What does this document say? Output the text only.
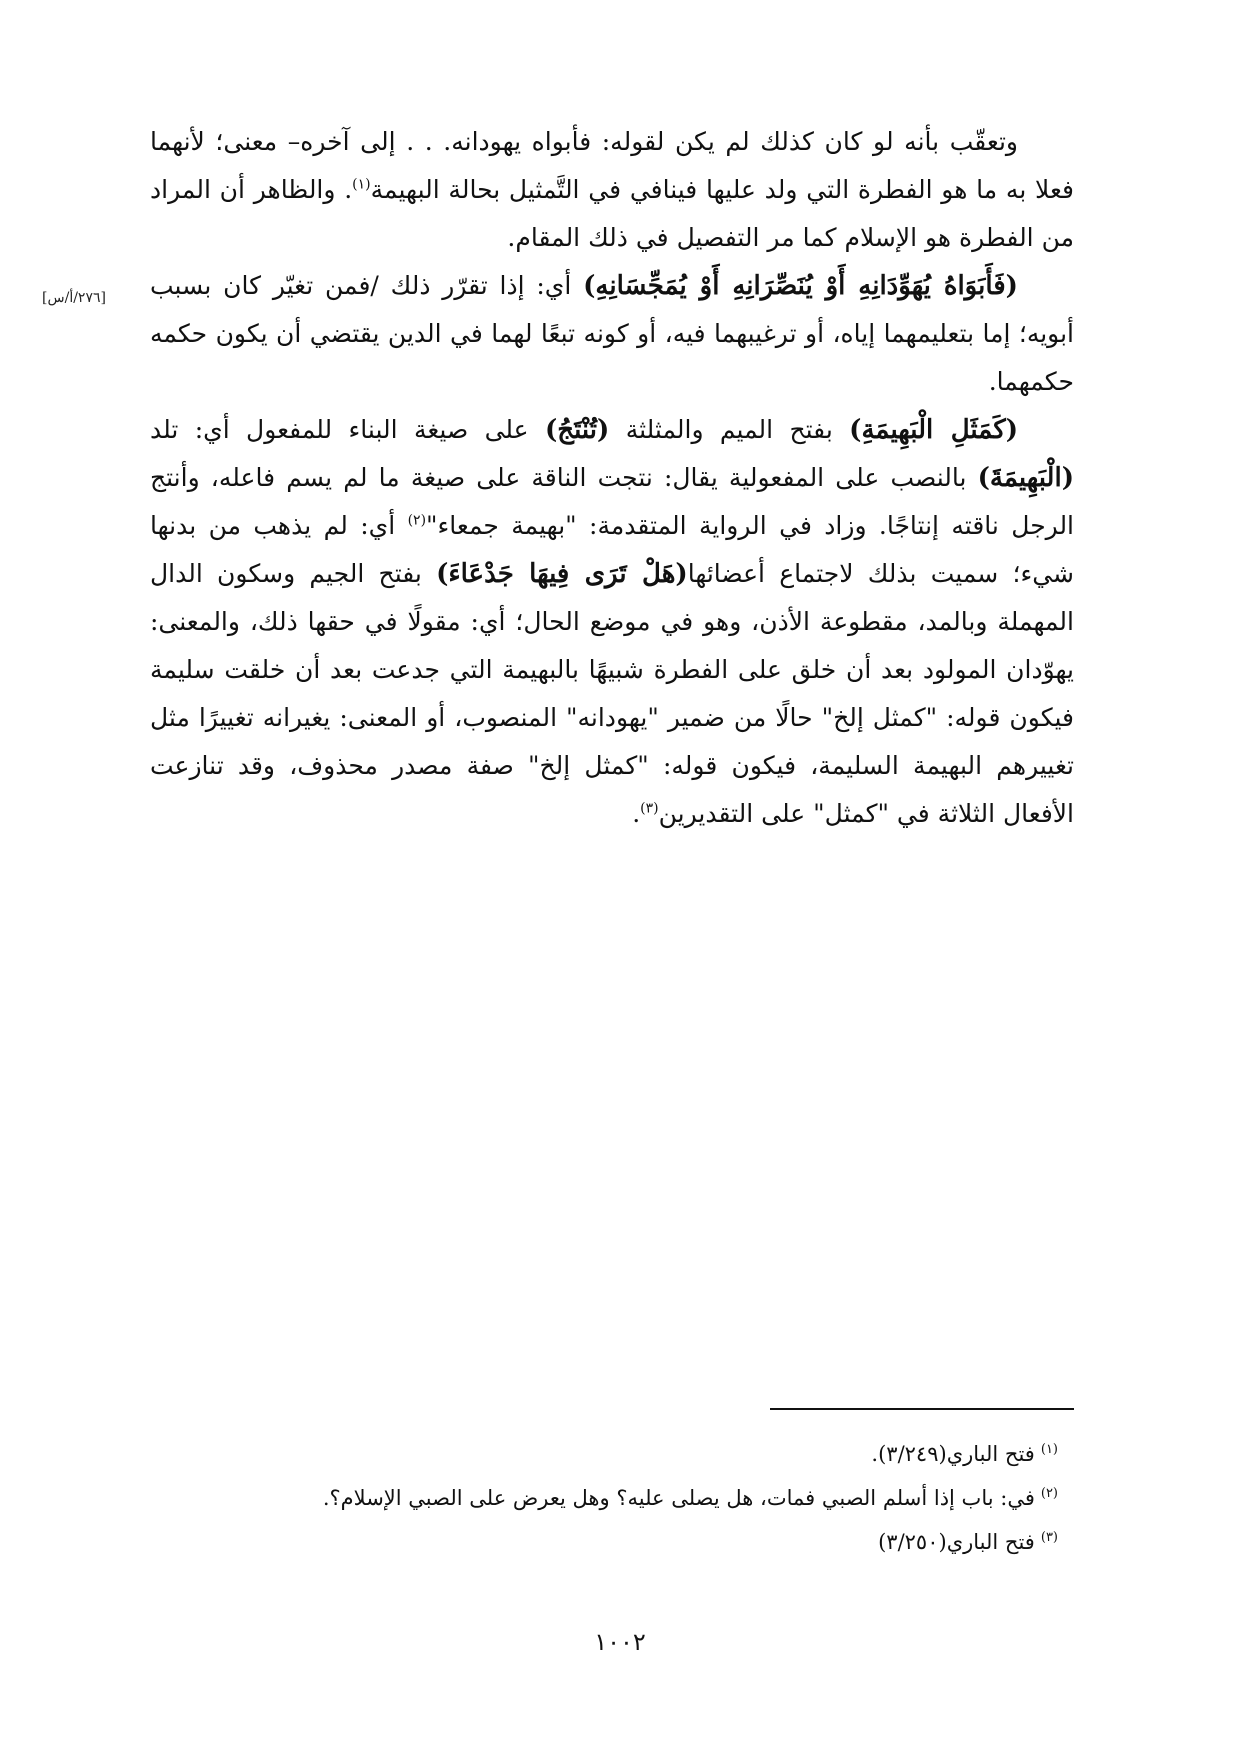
[٢٧٦/أ/س]

وتعقّب بأنه لو كان كذلك لم يكن لقوله: فأبواه يهودانه. . . إلى آخره– معنى؛ لأنهما فعلا به ما هو الفطرة التي ولد عليها فينافي في التَّمثيل بحالة البهيمة$^{(١)}$. والظاهر أن المراد من الفطرة هو الإسلام كما مر التفصيل في ذلك المقام.

(فَأَبَوَاهُ يُهَوِّدَانِهِ أَوْ يُنَصِّرَانِهِ أَوْ يُمَجِّسَانِهِ) أي: إذا تقرّر ذلك /فمن تغيّر كان بسبب أبويه؛ إما بتعليمهما إياه، أو ترغيبهما فيه، أو كونه تبعًا لهما في الدين يقتضي أن يكون حكمه حكمهما.

(كَمَثَلِ الْبَهِيمَةِ) بفتح الميم والمثلثة (تُنْتَجُ) على صيغة البناء للمفعول أي: تلد (الْبَهِيمَةَ) بالنصب على المفعولية يقال: نتجت الناقة على صيغة ما لم يسم فاعله، وأنتج الرجل ناقته إنتاجًا. وزاد في الرواية المتقدمة: "بهيمة جمعاء"$^{(٢)}$ أي: لم يذهب من بدنها شيء؛ سميت بذلك لاجتماع أعضائها(هَلْ تَرَى فِيهَا جَدْعَاءَ) بفتح الجيم وسكون الدال المهملة وبالمد، مقطوعة الأذن، وهو في موضع الحال؛ أي: مقولًا في حقها ذلك، والمعنى: يهوّدان المولود بعد أن خلق على الفطرة شبيهًا بالبهيمة التي جدعت بعد أن خلقت سليمة فيكون قوله: "كمثل إلخ" حالًا من ضمير "يهودانه" المنصوب، أو المعنى: يغيرانه تغييرًا مثل تغييرهم البهيمة السليمة، فيكون قوله: "كمثل إلخ" صفة مصدر محذوف، وقد تنازعت الأفعال الثلاثة في "كمثل" على التقديرين$^{(٣)}$.

$^{(١)}$فتح الباري(٣/٢٤٩).
$^{(٢)}$في: باب إذا أسلم الصبي فمات، هل يصلى عليه؟ وهل يعرض على الصبي الإسلام؟.
$^{(٣)}$فتح الباري(٣/٢٥٠)
١٠٠٢
